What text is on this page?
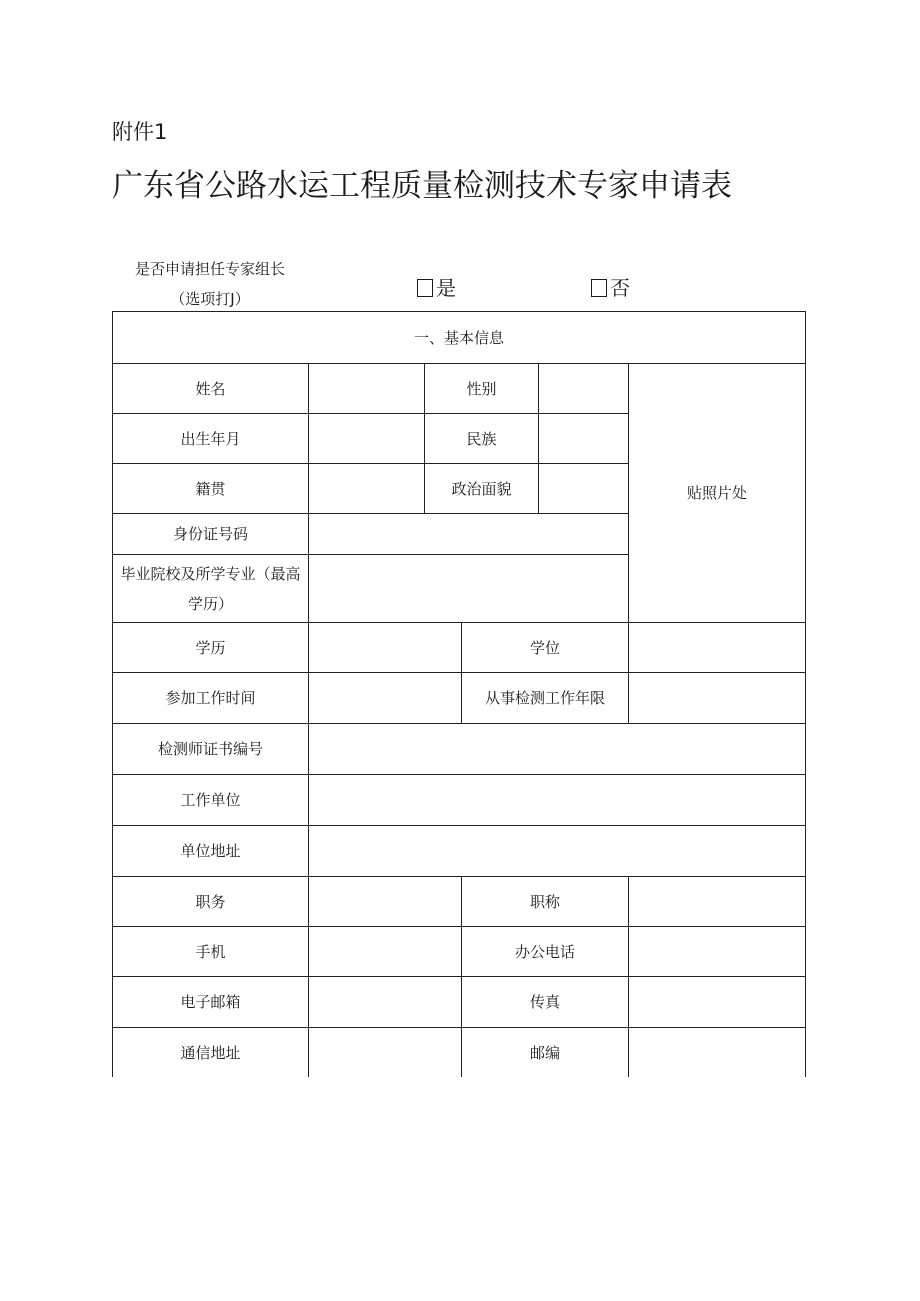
附件1
广东省公路水运工程质量检测技术专家申请表
是否申请担任专家组长
（选项打J）	是	否
一、基本信息
姓名	性别
贴照片处
出生年月	民族
籍贯	政治面貌
身份证号码
毕业院校及所学专业（最高学历）
学历	学位
参加工作时间	从事检测工作年限
检测师证书编号
工作单位
单位地址
职务	职称
手机	办公电话
电子邮箱	传真
通信地址	邮编
